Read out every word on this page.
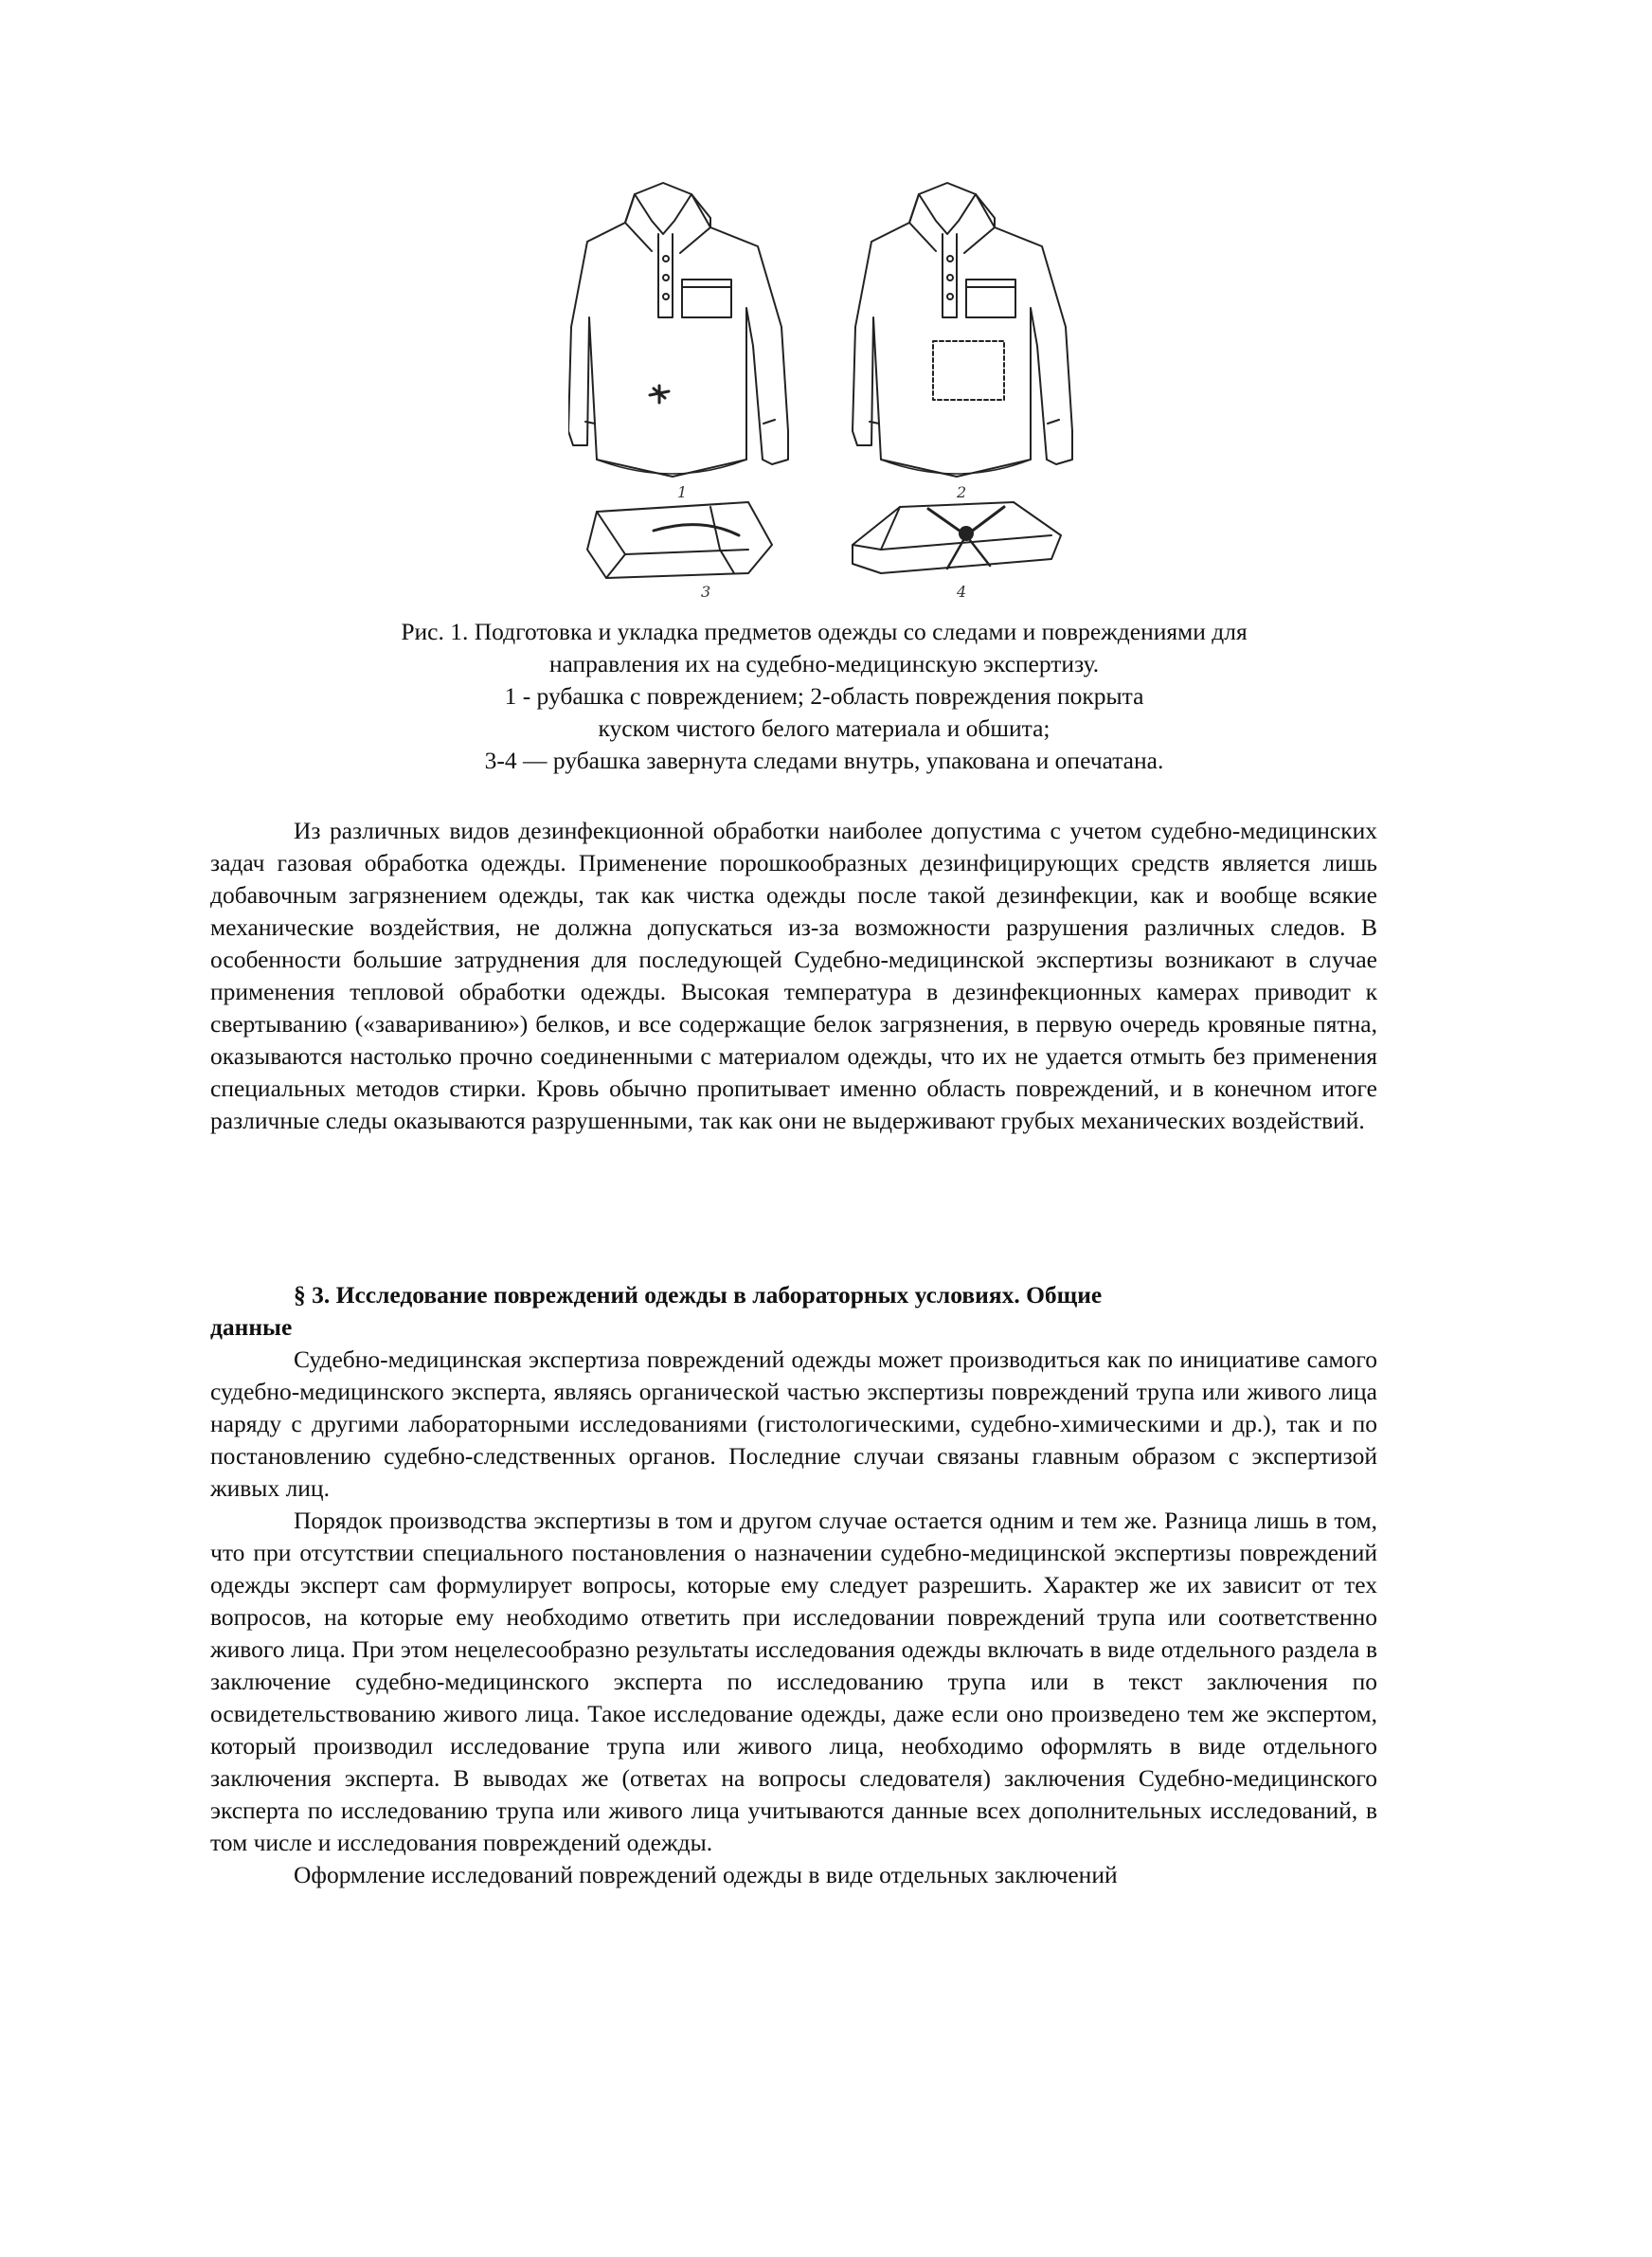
1	2
3	4
Рис. 1. Подготовка и укладка предметов одежды со следами и повреждениями для
направления их на судебно-медицинскую экспертизу.
1 - рубашка с повреждением; 2-область повреждения покрыта
куском чистого белого материала и обшита;
3-4 — рубашка завернута следами внутрь, упакована и опечатана.

Из различных видов дезинфекционной обработки наиболее допустима с учетом судебно-медицинских задач газовая обработка одежды. Применение порошкообразных дезинфицирующих средств является лишь добавочным загрязнением одежды, так как чистка одежды после такой дезинфекции, как и вообще всякие механические воздействия, не должна допускаться из-за возможности разрушения различных следов. В особенности большие затруднения для последующей Судебно-медицинской экспертизы возникают в случае применения тепловой обработки одежды. Высокая температура в дезинфекционных камерах приводит к свертыванию («завариванию») белков, и все содержащие белок загрязнения, в первую очередь кровяные пятна, оказываются настолько прочно соединенными с материалом одежды, что их не удается отмыть без применения специальных методов стирки. Кровь обычно пропитывает именно область повреждений, и в конечном итоге различные следы оказываются разрушенными, так как они не выдерживают грубых механических воздействий.

§ 3. Исследование повреждений одежды в лабораторных условиях. Общие

данные

Судебно-медицинская экспертиза повреждений одежды может производиться как по инициативе самого судебно-медицинского эксперта, являясь органической частью экспертизы повреждений трупа или живого лица наряду с другими лабораторными исследованиями (гистологическими, судебно-химическими и др.), так и по постановлению судебно-следственных органов. Последние случаи связаны главным образом с экспертизой живых лиц.

Порядок производства экспертизы в том и другом случае остается одним и тем же. Разница лишь в том, что при отсутствии специального постановления о назначении судебно-медицинской экспертизы повреждений одежды эксперт сам формулирует вопросы, которые ему следует разрешить. Характер же их зависит от тех вопросов, на которые ему необходимо ответить при исследовании повреждений трупа или соответственно живого лица. При этом нецелесообразно результаты исследования одежды включать в виде отдельного раздела в заключение судебно-медицинского эксперта по исследованию трупа или в текст заключения по освидетельствованию живого лица. Такое исследование одежды, даже если оно произведено тем же экспертом, который производил исследование трупа или живого лица, необходимо оформлять в виде отдельного заключения эксперта. В выводах же (ответах на вопросы следователя) заключения Судебно-медицинского эксперта по исследованию трупа или живого лица учитываются данные всех дополнительных исследований, в том числе и исследования повреждений одежды.

Оформление исследований повреждений одежды в виде отдельных заключений
